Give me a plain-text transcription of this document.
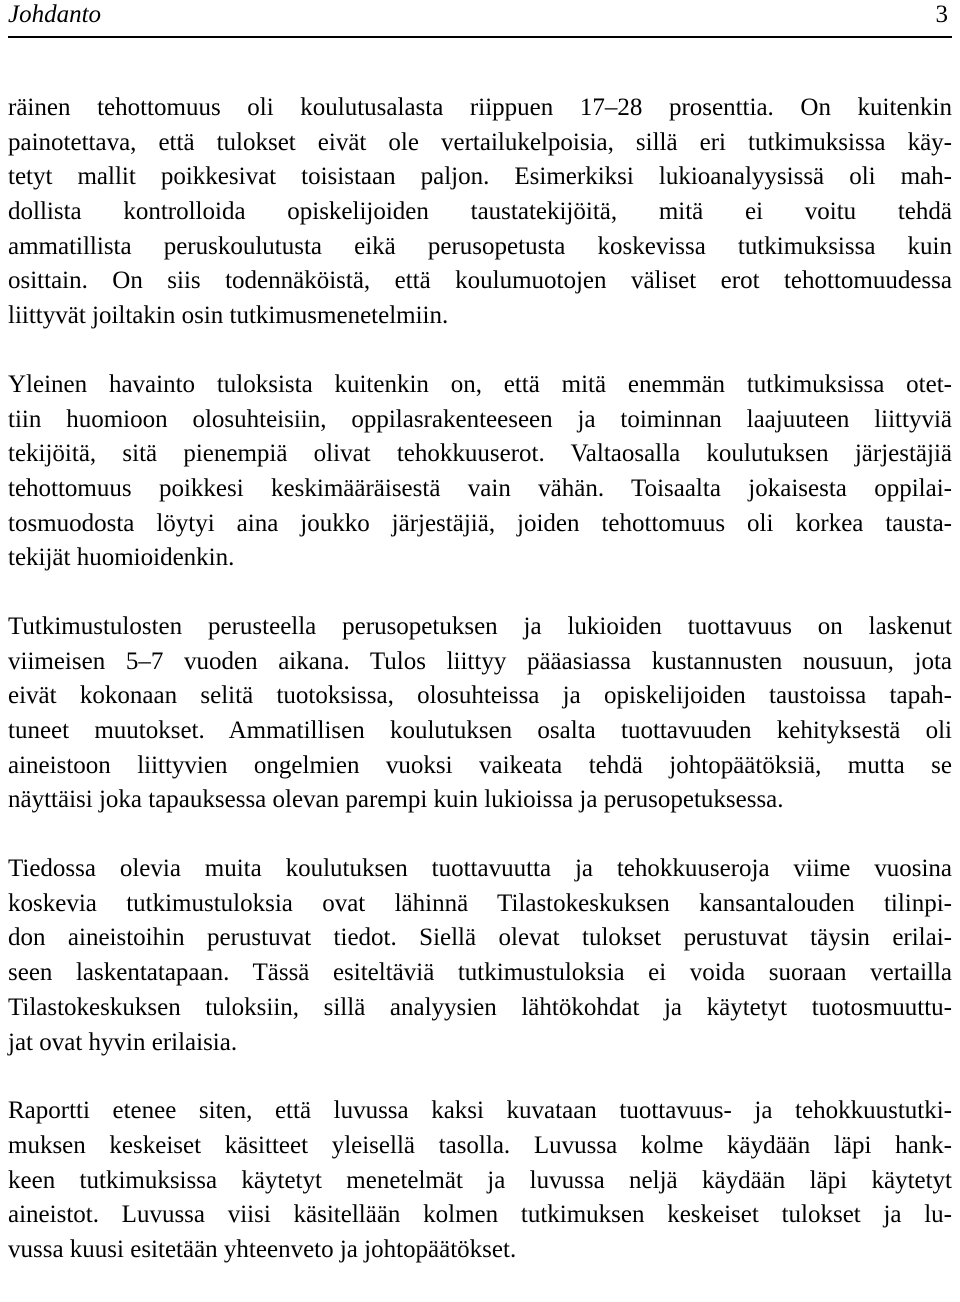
Johdanto	3

räinen tehottomuus oli koulutusalasta riippuen 17–28 prosenttia. On kuitenkin
painotettava, että tulokset eivät ole vertailukelpoisia, sillä eri tutkimuksissa käy-
tetyt mallit poikkesivat toisistaan paljon. Esimerkiksi lukioanalyysissä oli mah-
dollista kontrolloida opiskelijoiden taustatekijöitä, mitä ei voitu tehdä
ammatillista peruskoulutusta eikä perusopetusta koskevissa tutkimuksissa kuin
osittain. On siis todennäköistä, että koulumuotojen väliset erot tehottomuudessa
liittyvät joiltakin osin tutkimusmenetelmiin.

Yleinen havainto tuloksista kuitenkin on, että mitä enemmän tutkimuksissa otet-
tiin huomioon olosuhteisiin, oppilasrakenteeseen ja toiminnan laajuuteen liittyviä
tekijöitä, sitä pienempiä olivat tehokkuuserot. Valtaosalla koulutuksen järjestäjiä
tehottomuus poikkesi keskimääräisestä vain vähän. Toisaalta jokaisesta oppilai-
tosmuodosta löytyi aina joukko järjestäjiä, joiden tehottomuus oli korkea tausta-
tekijät huomioidenkin.

Tutkimustulosten perusteella perusopetuksen ja lukioiden tuottavuus on laskenut
viimeisen 5–7 vuoden aikana. Tulos liittyy pääasiassa kustannusten nousuun, jota
eivät kokonaan selitä tuotoksissa, olosuhteissa ja opiskelijoiden taustoissa tapah-
tuneet muutokset. Ammatillisen koulutuksen osalta tuottavuuden kehityksestä oli
aineistoon liittyvien ongelmien vuoksi vaikeata tehdä johtopäätöksiä, mutta se
näyttäisi joka tapauksessa olevan parempi kuin lukioissa ja perusopetuksessa.

Tiedossa olevia muita koulutuksen tuottavuutta ja tehokkuuseroja viime vuosina
koskevia tutkimustuloksia ovat lähinnä Tilastokeskuksen kansantalouden tilinpi-
don aineistoihin perustuvat tiedot. Siellä olevat tulokset perustuvat täysin erilai-
seen laskentatapaan. Tässä esiteltäviä tutkimustuloksia ei voida suoraan vertailla
Tilastokeskuksen tuloksiin, sillä analyysien lähtökohdat ja käytetyt tuotosmuuttu-
jat ovat hyvin erilaisia.

Raportti etenee siten, että luvussa kaksi kuvataan tuottavuus- ja tehokkuustutki-
muksen keskeiset käsitteet yleisellä tasolla. Luvussa kolme käydään läpi hank-
keen tutkimuksissa käytetyt menetelmät ja luvussa neljä käydään läpi käytetyt
aineistot. Luvussa viisi käsitellään kolmen tutkimuksen keskeiset tulokset ja lu-
vussa kuusi esitetään yhteenveto ja johtopäätökset.
